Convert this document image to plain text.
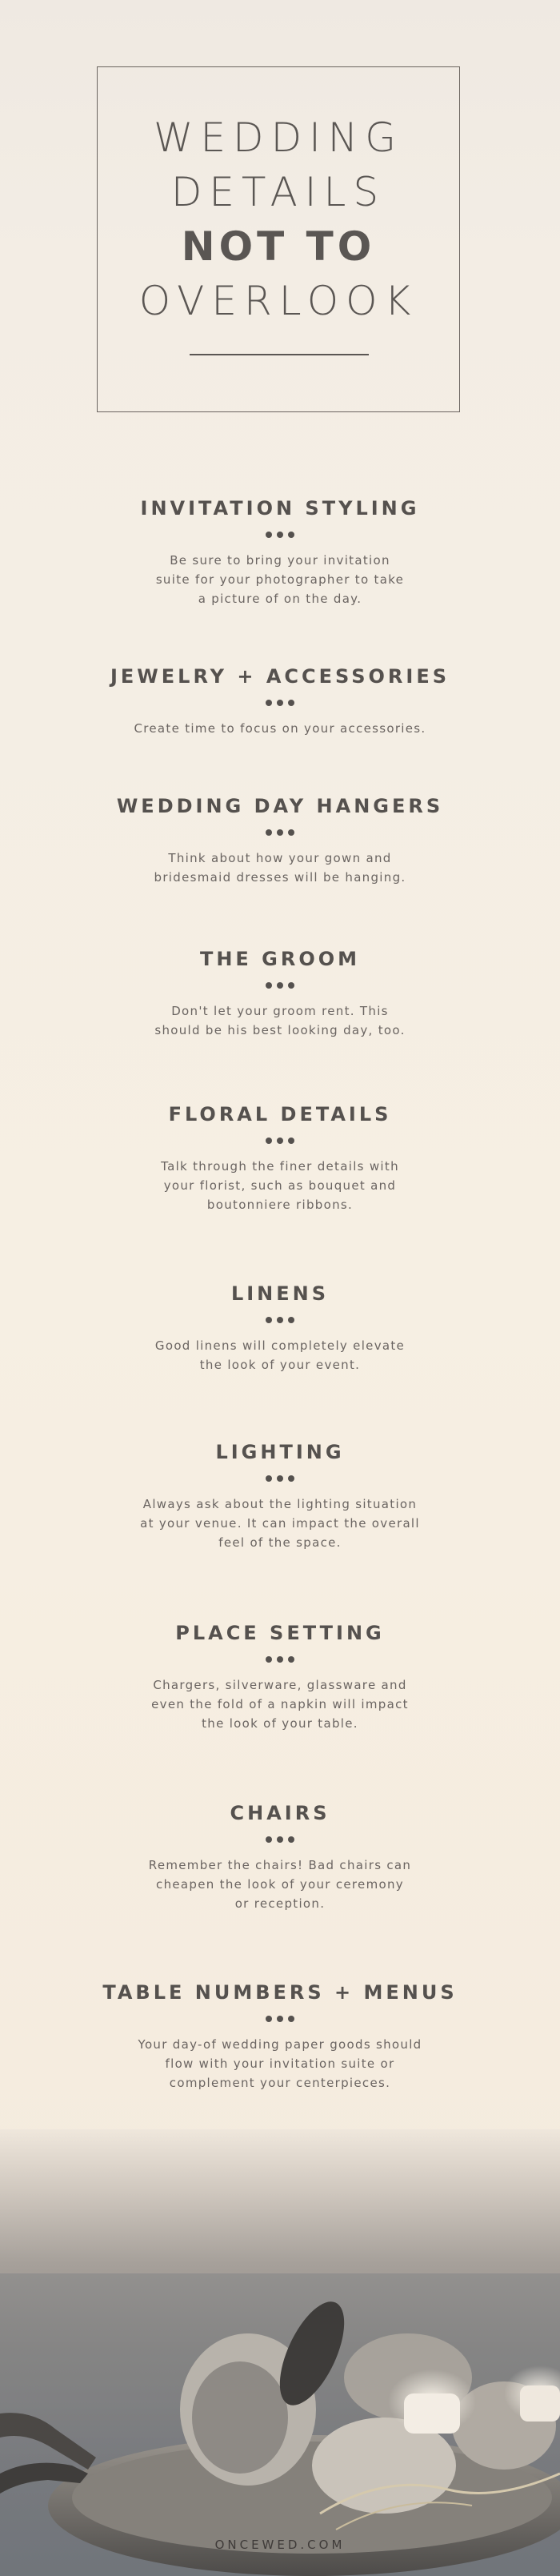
WEDDING
DETAILS
NOT TO
OVERLOOK
INVITATION STYLING

Be sure to bring your invitation
suite for your photographer to take
a picture of on the day.

JEWELRY + ACCESSORIES

Create time to focus on your accessories.

WEDDING DAY HANGERS

Think about how your gown and
bridesmaid dresses will be hanging.

THE GROOM

Don't let your groom rent. This
should be his best looking day, too.

FLORAL DETAILS

Talk through the finer details with
your florist, such as bouquet and
boutonniere ribbons.

LINENS

Good linens will completely elevate
the look of your event.

LIGHTING

Always ask about the lighting situation
at your venue. It can impact the overall
feel of the space.

PLACE SETTING

Chargers, silverware, glassware and
even the fold of a napkin will impact
the look of your table.

CHAIRS

Remember the chairs! Bad chairs can
cheapen the look of your ceremony
or reception.

TABLE NUMBERS + MENUS

Your day-of wedding paper goods should
flow with your invitation suite or
complement your centerpieces.

ONCEWED.COM
